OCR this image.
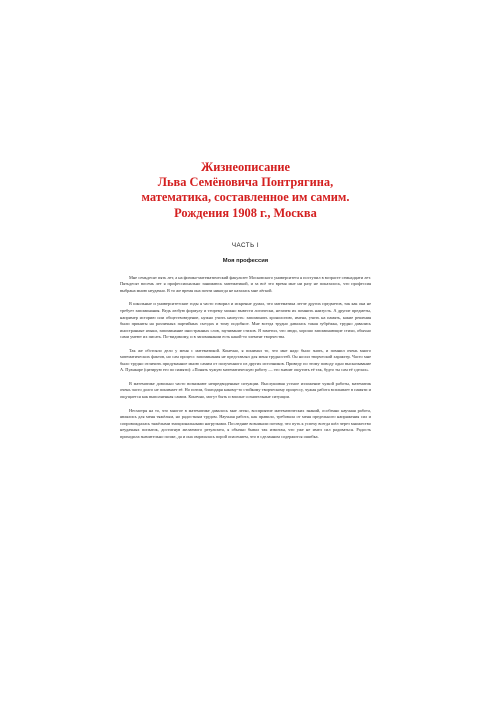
Жизнеописание
Льва Семёновича Понтрягина,
математика, составленное им самим.
Рождения 1908 г., Москва
ЧАСТЬ I
Моя профессия

Мне семьдесят пять лет, а на физико-математический факультет Московского университета я поступил в возрасте семнадцати лет. Пятьдесят восемь лет я профессионально занимаюсь математикой, и за всё это время мне ни разу не показалось, что профессия выбрана мною неудачно. В то же время она почти никогда не казалась мне лёгкой.

В школьные и университетские годы я часто говорил и искренне думал, что математика легче других предметов, так как она не требует запоминания. Ведь любую формулу и теорему можно вывести логически, незачем их помнить наизусть. А другие предметы, например историю или обществоведение, нужно учить наизусть: запоминать хронологию, имена, учить на память, какие решения были приняты на различных партийных съездах и тому подобное. Мне всегда трудно давалась такая зубрёжка, трудно давались иностранные языки, запоминание иностранных слов, заучивание стихов. Я заметил, что люди, хорошо запоминающие стихи, обычно сами умеют их писать. По-видимому, и в запоминании есть какой-то элемент творчества.

Так же обстояло дело у меня с математикой. Конечно, я понимал то, что мне надо было знать, и помнил очень много математических фактов, но сам процесс запоминания не представлял для меня трудностей. Он носил творческий характер. Часто мне было трудно отличить придуманное мною самим от полученного из других источников. Приведу по этому поводу одно высказывание А. Пуанкаре (цитирую его по памяти): «Понять чужую математическую работу — это значит ощутить её так, будто ты сам её сделал».

В математике довольно часто возникают непредвиденные ситуации. Выслушивая устное изложение чужой работы, математик очень часто долго не понимает её. Но потом, благодаря какому-то стойкому творческому процессу, чужая работа всплывает в памяти и ощущается как выполненная самим. Конечно, могут быть и вполне сознательные ситуации.

Несмотря на то, что многое в математике давалось мне легко, восприятие математических знаний, особенно научная работа, являлись для меня тяжёлым, но радостным трудом. Научная работа, как правило, требовала от меня предельного напряжения сил и сопровождалась тяжёлыми эмоциональными нагрузками. Последние возникали потому, что путь к успеху всегда шёл через множество неудачных попыток, достигнув желаемого результата, я обычно бывал так измотан, что уже не имел сил радоваться. Радость приходила значительно позже, да и она омрачалась порой опасением, что в сделанном содержится ошибка.
